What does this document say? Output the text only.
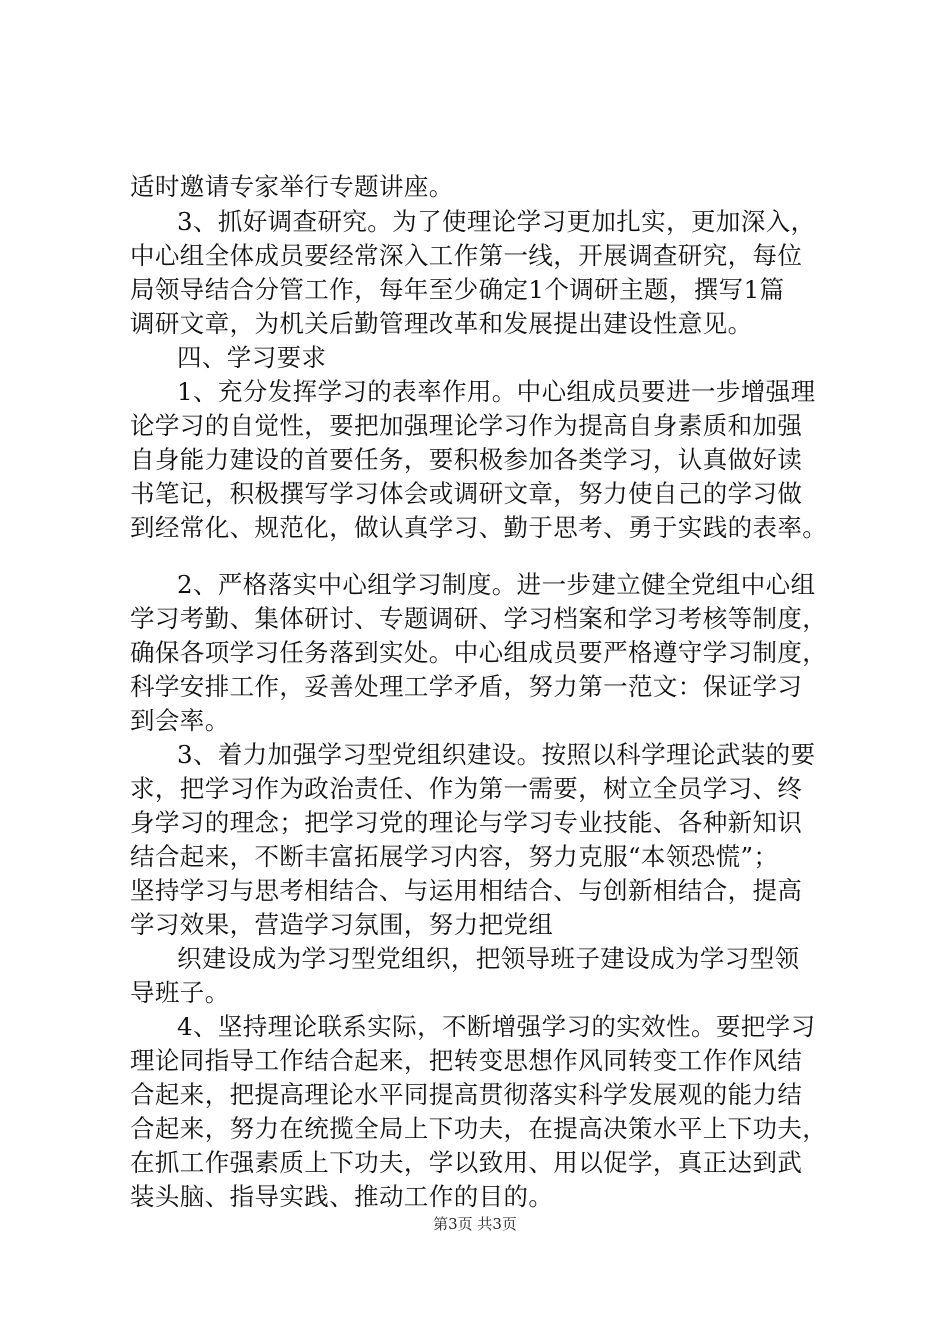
适时邀请专家举行专题讲座。
3、抓好调查研究。为了使理论学习更加扎实，更加深入，
中心组全体成员要经常深入工作第一线，开展调查研究，每位
局领导结合分管工作，每年至少确定1个调研主题，撰写1篇
调研文章，为机关后勤管理改革和发展提出建设性意见。
四、学习要求
1、充分发挥学习的表率作用。中心组成员要进一步增强理
论学习的自觉性，要把加强理论学习作为提高自身素质和加强
自身能力建设的首要任务，要积极参加各类学习，认真做好读
书笔记，积极撰写学习体会或调研文章，努力使自己的学习做
到经常化、规范化，做认真学习、勤于思考、勇于实践的表率。
2、严格落实中心组学习制度。进一步建立健全党组中心组
学习考勤、集体研讨、专题调研、学习档案和学习考核等制度，
确保各项学习任务落到实处。中心组成员要严格遵守学习制度，
科学安排工作，妥善处理工学矛盾，努力第一范文：保证学习
到会率。
3、着力加强学习型党组织建设。按照以科学理论武装的要
求，把学习作为政治责任、作为第一需要，树立全员学习、终
身学习的理念；把学习党的理论与学习专业技能、各种新知识
结合起来，不断丰富拓展学习内容，努力克服“本领恐慌”；
坚持学习与思考相结合、与运用相结合、与创新相结合，提高
学习效果，营造学习氛围，努力把党组
织建设成为学习型党组织，把领导班子建设成为学习型领
导班子。
4、坚持理论联系实际，不断增强学习的实效性。要把学习
理论同指导工作结合起来，把转变思想作风同转变工作作风结
合起来，把提高理论水平同提高贯彻落实科学发展观的能力结
合起来，努力在统揽全局上下功夫，在提高决策水平上下功夫，
在抓工作强素质上下功夫，学以致用、用以促学，真正达到武
装头脑、指导实践、推动工作的目的。
第3页 共3页
